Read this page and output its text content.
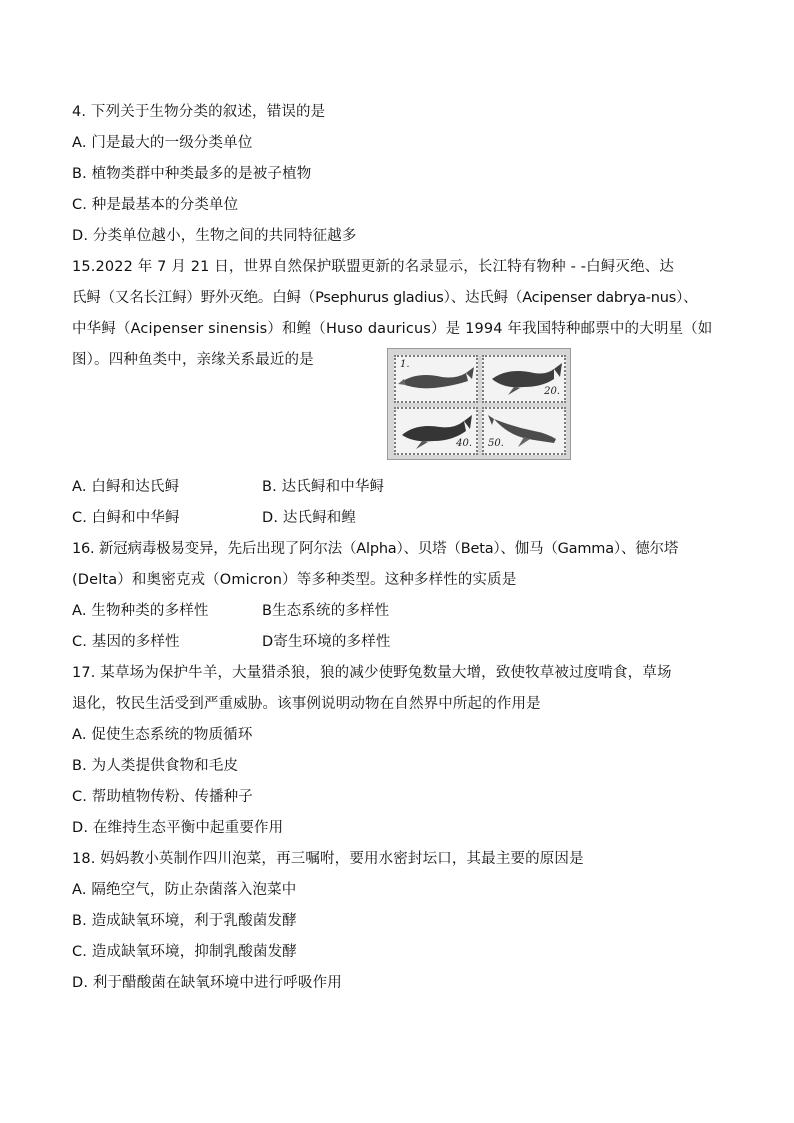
4. 下列关于生物分类的叙述，错误的是
A. 门是最大的一级分类单位
B. 植物类群中种类最多的是被子植物
C. 种是最基本的分类单位
D. 分类单位越小，生物之间的共同特征越多
15.2022 年 7 月 21 日，世界自然保护联盟更新的名录显示，长江特有物种 - -白鲟灭绝、达
氏鲟（又名长江鲟）野外灭绝。白鲟（Psephurus gladius）、达氏鲟（Acipenser dabrya-nus）、
中华鲟（Acipenser sinensis）和鳇（Huso dauricus）是 1994 年我国特种邮票中的大明星（如
图）。四种鱼类中，亲缘关系最近的是	1.
20.
40. 50.
A. 白鲟和达氏鲟	B. 达氏鲟和中华鲟
C. 白鲟和中华鲟	D. 达氏鲟和鳇
16. 新冠病毒极易变异，先后出现了阿尔法（Alpha）、贝塔（Beta）、伽马（Gamma）、德尔塔
(Delta）和奥密克戎（Omicron）等多种类型。这种多样性的实质是
A. 生物种类的多样性	B生态系统的多样性
C. 基因的多样性	D寄生环境的多样性
17. 某草场为保护牛羊，大量猎杀狼，狼的减少使野兔数量大增，致使牧草被过度啃食，草场
退化，牧民生活受到严重威胁。该事例说明动物在自然界中所起的作用是
A. 促使生态系统的物质循环
B. 为人类提供食物和毛皮
C. 帮助植物传粉、传播种子
D. 在维持生态平衡中起重要作用
18. 妈妈教小英制作四川泡菜，再三嘱咐，要用水密封坛口，其最主要的原因是
A. 隔绝空气，防止杂菌落入泡菜中
B. 造成缺氧环境，利于乳酸菌发酵
C. 造成缺氧环境，抑制乳酸菌发酵
D. 利于醋酸菌在缺氧环境中进行呼吸作用
